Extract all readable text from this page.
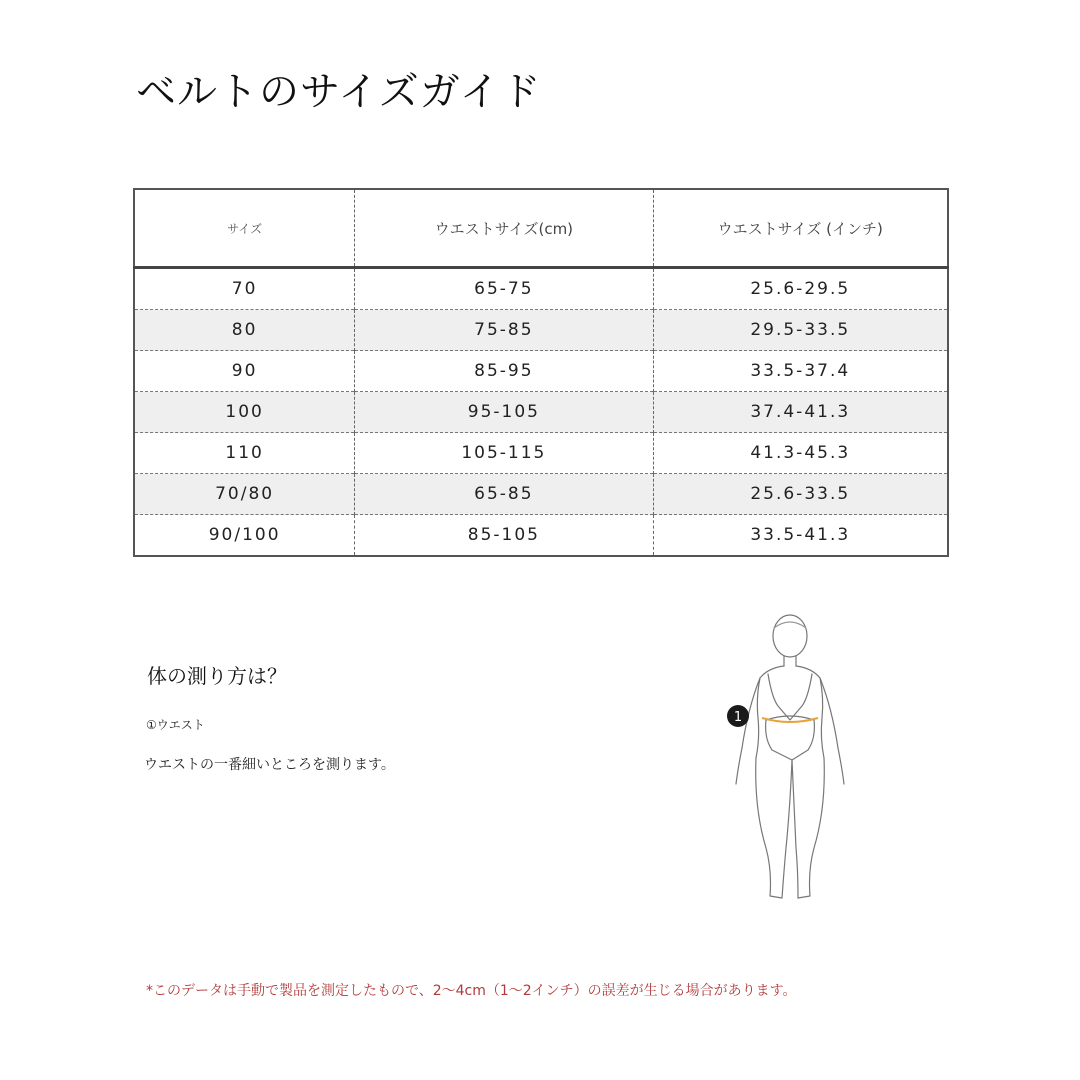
ベルトのサイズガイド
サイズ	ウエストサイズ(cm)	ウエストサイズ (インチ)
70	65-75	25.6-29.5
80	75-85	29.5-33.5
90	85-95	33.5-37.4
100	95-105	37.4-41.3
110	105-115	41.3-45.3
70/80	65-85	25.6-33.5
90/100	85-105	33.5-41.3
体の測り方は？
①ウエスト
ウエストの一番細いところを測ります。
1
*このデータは手動で製品を測定したもので、2〜4cm（1〜2インチ）の誤差が生じる場合があります。
